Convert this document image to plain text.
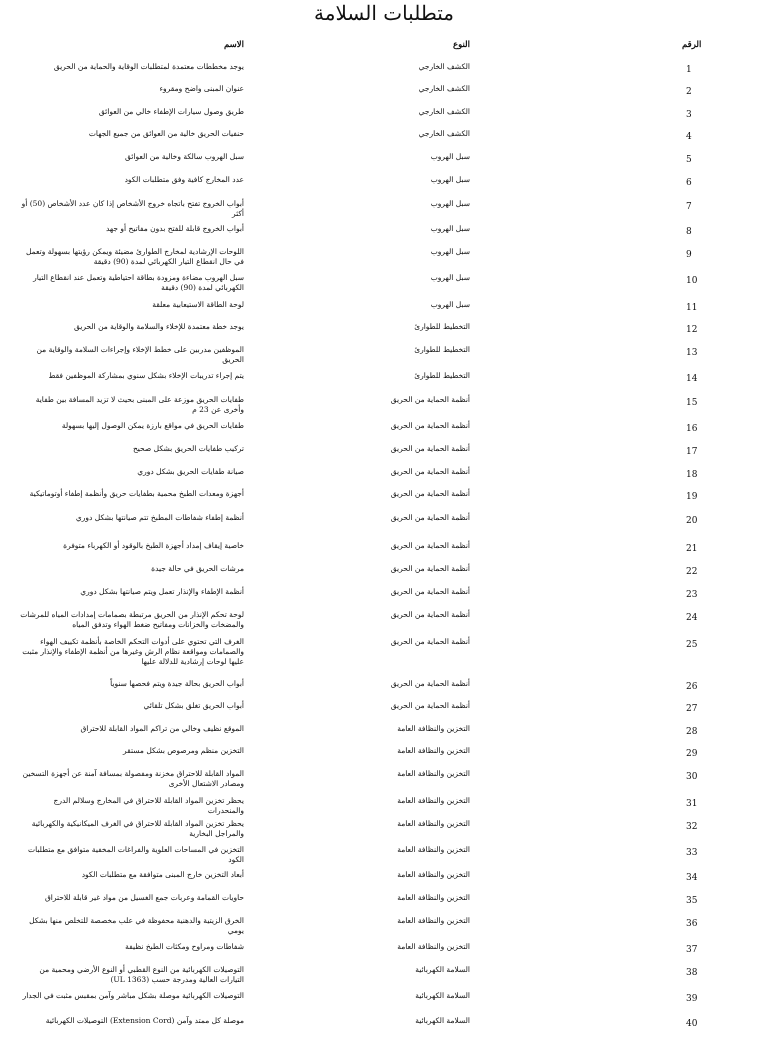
متطلبات السلامة
الرقم
النوع
الاسم
1
الكشف الخارجي
يوجد مخططات معتمدة لمتطلبات الوقاية والحماية من الحريق
2
الكشف الخارجي
عنوان المبنى واضح ومقروء
3
الكشف الخارجي
طريق وصول سيارات الإطفاء خالي من العوائق
4
الكشف الخارجي
حنفيات الحريق خالية من العوائق من جميع الجهات
5
سبل الهروب
سبل الهروب سالكة وخالية من العوائق
6
سبل الهروب
عدد المخارج كافية وفق متطلبات الكود
7
سبل الهروب
أبواب الخروج تفتح باتجاه خروج الأشخاص إذا كان عدد الأشخاص (50) أو أكثر
8
سبل الهروب
أبواب الخروج قابلة للفتح بدون مفاتيح أو جهد
9
سبل الهروب
اللوحات الإرشادية لمخارج الطوارئ مضيئة ويمكن رؤيتها بسهولة وتعمل في حال انقطاع التيار الكهربائي لمدة (90) دقيقة
10
سبل الهروب
سبل الهروب مضاءة ومزودة بطاقة احتياطية وتعمل عند انقطاع التيار الكهربائي لمدة (90) دقيقة
11
سبل الهروب
لوحة الطاقة الاستيعابية معلقة
12
التخطيط للطوارئ
يوجد خطة معتمدة للإخلاء والسلامة والوقاية من الحريق
13
التخطيط للطوارئ
الموظفين مدربين على خطط الإخلاء وإجراءات السلامة والوقاية من الحريق
14
التخطيط للطوارئ
يتم إجراء تدريبات الإخلاء بشكل سنوي بمشاركة الموظفين فقط
15
أنظمة الحماية من الحريق
طفايات الحريق موزعة على المبنى بحيث لا تزيد المسافة بين طفاية وأخرى عن 23 م
16
أنظمة الحماية من الحريق
طفايات الحريق في مواقع بارزة يمكن الوصول إليها بسهولة
17
أنظمة الحماية من الحريق
تركيب طفايات الحريق بشكل صحيح
18
أنظمة الحماية من الحريق
صيانة طفايات الحريق بشكل دوري
19
أنظمة الحماية من الحريق
أجهزة ومعدات الطبخ محمية بطفايات حريق وأنظمة إطفاء أوتوماتيكية
20
أنظمة الحماية من الحريق
أنظمة إطفاء شفاطات المطبخ تتم صيانتها بشكل دوري
21
أنظمة الحماية من الحريق
خاصية إيقاف إمداد أجهزة الطبخ بالوقود أو الكهرباء متوفرة
22
أنظمة الحماية من الحريق
مرشات الحريق في حالة جيدة
23
أنظمة الحماية من الحريق
أنظمة الإطفاء والإنذار تعمل ويتم صيانتها بشكل دوري
24
أنظمة الحماية من الحريق
لوحة تحكم الإنذار من الحريق مرتبطة بصمامات إمدادات المياه للمرشات والمضخات والخزانات ومفاتيح ضغط الهواء وتدفق المياه
25
أنظمة الحماية من الحريق
الغرف التي تحتوي على أدوات التحكم الخاصة بأنظمة تكييف الهواء والصمامات ومواقعة نظام الرش وغيرها من أنظمة الإطفاء والإنذار مثبت عليها لوحات إرشادية للدلالة عليها
26
أنظمة الحماية من الحريق
أبواب الحريق بحالة جيدة ويتم فحصها سنوياً
27
أنظمة الحماية من الحريق
أبواب الحريق تغلق بشكل تلقائي
28
التخزين والنظافة العامة
الموقع نظيف وخالي من تراكم المواد القابلة للاحتراق
29
التخزين والنظافة العامة
التخزين منظم ومرصوص بشكل مستقر
30
التخزين والنظافة العامة
المواد القابلة للاحتراق مخزنة ومفصولة بمسافة آمنة عن أجهزة التسخين ومصادر الاشتعال الأخرى
31
التخزين والنظافة العامة
يحظر تخزين المواد القابلة للاحتراق في المخارج وسلالم الدرج والمنحدرات
32
التخزين والنظافة العامة
يحظر تخزين المواد القابلة للاحتراق في الغرف الميكانيكية والكهربائية والمراجل البخارية
33
التخزين والنظافة العامة
التخزين في المساحات العلوية والفراغات المخفية متوافق مع متطلبات الكود
34
التخزين والنظافة العامة
أبعاد التخزين خارج المبنى متوافقة مع متطلبات الكود
35
التخزين والنظافة العامة
حاويات القمامة وعربات جمع الغسيل من مواد غير قابلة للاحتراق
36
التخزين والنظافة العامة
الخرق الزيتية والدهنية محفوظة في علب مخصصة للتخلص منها بشكل يومي
37
التخزين والنظافة العامة
شفاطات ومراوح ومكثات الطبخ نظيفة
38
السلامة الكهربائية
التوصيلات الكهربائية من النوع القطبي أو النوع الأرضي ومحمية من التيارات العالية ومدرجة حسب (UL 1363)
39
السلامة الكهربائية
التوصيلات الكهربائية موصلة بشكل مباشر وآمن بمقبس مثبت في الجدار
40
السلامة الكهربائية
موصلة كل ممتد وآمن (Extension Cord) التوصيلات الكهربائية
